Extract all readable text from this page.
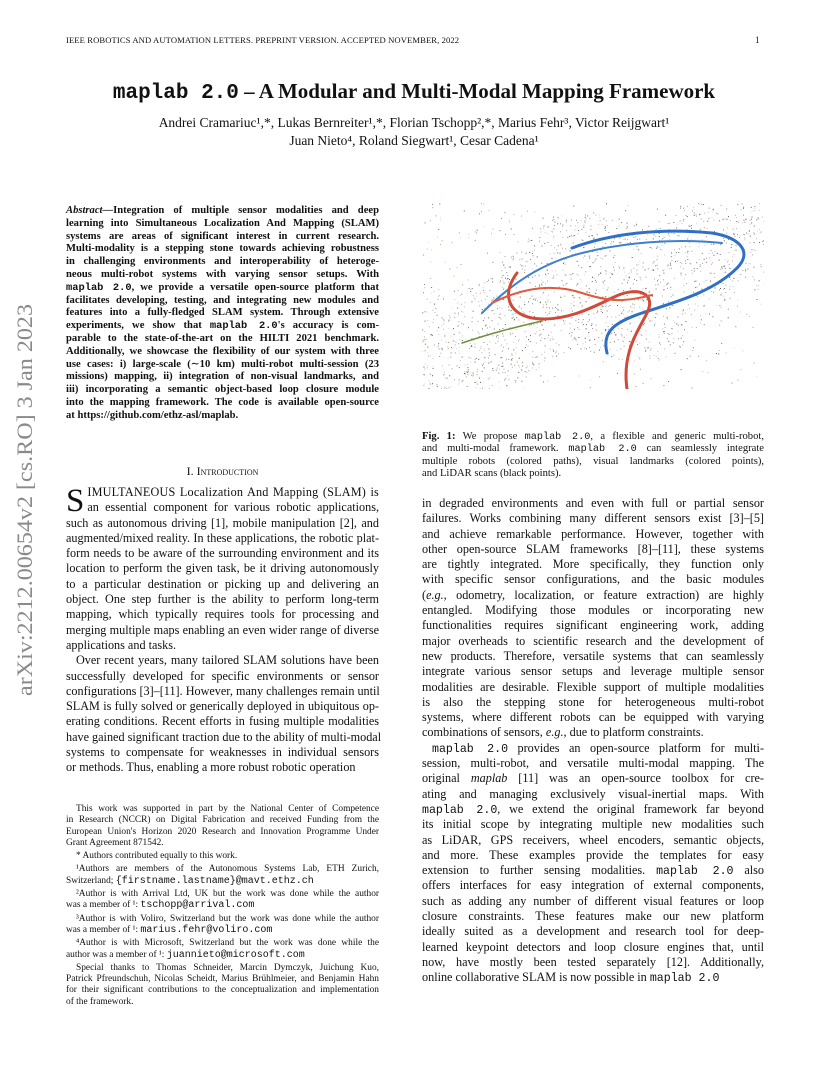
IEEE ROBOTICS AND AUTOMATION LETTERS. PREPRINT VERSION. ACCEPTED NOVEMBER, 2022	1
maplab 2.0 – A Modular and Multi-Modal Mapping Framework
Andrei Cramariuc¹,*, Lukas Bernreiter¹,*, Florian Tschopp²,*, Marius Fehr³, Victor Reijgwart¹
Juan Nieto⁴, Roland Siegwart¹, Cesar Cadena¹
arXiv:2212.00654v2 [cs.RO] 3 Jan 2023
Abstract—Integration of multiple sensor modalities and deep
learning into Simultaneous Localization And Mapping (SLAM)
systems are areas of significant interest in current research.
Multi-modality is a stepping stone towards achieving robustness
in challenging environments and interoperability of heteroge-
neous multi-robot systems with varying sensor setups. With
maplab 2.0, we provide a versatile open-source platform that
facilitates developing, testing, and integrating new modules and
features into a fully-fledged SLAM system. Through extensive
experiments, we show that maplab 2.0's accuracy is com-
parable to the state-of-the-art on the HILTI 2021 benchmark.
Additionally, we showcase the flexibility of our system with three
use cases: i) large-scale (∼10 km) multi-robot multi-session (23
missions) mapping, ii) integration of non-visual landmarks, and
iii) incorporating a semantic object-based loop closure module
into the mapping framework. The code is available open-source
at https://github.com/ethz-asl/maplab.
I. Introduction
S IMULTANEOUS Localization And Mapping (SLAM) is
an essential component for various robotic applications,
such as autonomous driving [1], mobile manipulation [2], and
augmented/mixed reality. In these applications, the robotic plat-
form needs to be aware of the surrounding environment and its
location to perform the given task, be it driving autonomously
to a particular destination or picking up and delivering an
object. One step further is the ability to perform long-term
mapping, which typically requires tools for processing and
merging multiple maps enabling an even wider range of diverse
applications and tasks.
Over recent years, many tailored SLAM solutions have been
successfully developed for specific environments or sensor
configurations [3]–[11]. However, many challenges remain until
SLAM is fully solved or generically deployed in ubiquitous op-
erating conditions. Recent efforts in fusing multiple modalities
have gained significant traction due to the ability of multi-modal
systems to compensate for weaknesses in individual sensors
or methods. Thus, enabling a more robust robotic operation
This work was supported in part by the National Center of Competence
in Research (NCCR) on Digital Fabrication and received Funding from the
European Union's Horizon 2020 Research and Innovation Programme Under
Grant Agreement 871542.
* Authors contributed equally to this work.
¹Authors are members of the Autonomous Systems Lab, ETH Zurich,
Switzerland; {firstname.lastname}@mavt.ethz.ch
²Author is with Arrival Ltd, UK but the work was done while the author
was a member of ¹: tschopp@arrival.com
³Author is with Voliro, Switzerland but the work was done while the author
was a member of ¹: marius.fehr@voliro.com
⁴Author is with Microsoft, Switzerland but the work was done while the
author was a member of ¹: juannieto@microsoft.com
Special thanks to Thomas Schneider, Marcin Dymczyk, Juichung Kuo,
Patrick Pfreundschuh, Nicolas Scheidt, Marius Brühlmeier, and Benjamin Hahn
for their significant contributions to the conceptualization and implementation
of the framework.
Fig. 1: We propose maplab 2.0, a flexible and generic multi-robot,
and multi-modal framework. maplab 2.0 can seamlessly integrate
multiple robots (colored paths), visual landmarks (colored points),
and LiDAR scans (black points).
in degraded environments and even with full or partial sensor
failures. Works combining many different sensors exist [3]–[5]
and achieve remarkable performance. However, together with
other open-source SLAM frameworks [8]–[11], these systems
are tightly integrated. More specifically, they function only
with specific sensor configurations, and the basic modules
(e.g., odometry, localization, or feature extraction) are highly
entangled. Modifying those modules or incorporating new
functionalities requires significant engineering work, adding
major overheads to scientific research and the development of
new products. Therefore, versatile systems that can seamlessly
integrate various sensor setups and leverage multiple sensor
modalities are desirable. Flexible support of multiple modalities
is also the stepping stone for heterogeneous multi-robot
systems, where different robots can be equipped with varying
combinations of sensors, e.g., due to platform constraints.
maplab 2.0 provides an open-source platform for multi-
session, multi-robot, and versatile multi-modal mapping. The
original maplab [11] was an open-source toolbox for cre-
ating and managing exclusively visual-inertial maps. With
maplab 2.0, we extend the original framework far beyond
its initial scope by integrating multiple new modalities such
as LiDAR, GPS receivers, wheel encoders, semantic objects,
and more. These examples provide the templates for easy
extension to further sensing modalities. maplab 2.0 also
offers interfaces for easy integration of external components,
such as adding any number of different visual features or loop
closure constraints. These features make our new platform
ideally suited as a development and research tool for deep-
learned keypoint detectors and loop closure engines that, until
now, have mostly been tested separately [12]. Additionally,
online collaborative SLAM is now possible in maplab 2.0
